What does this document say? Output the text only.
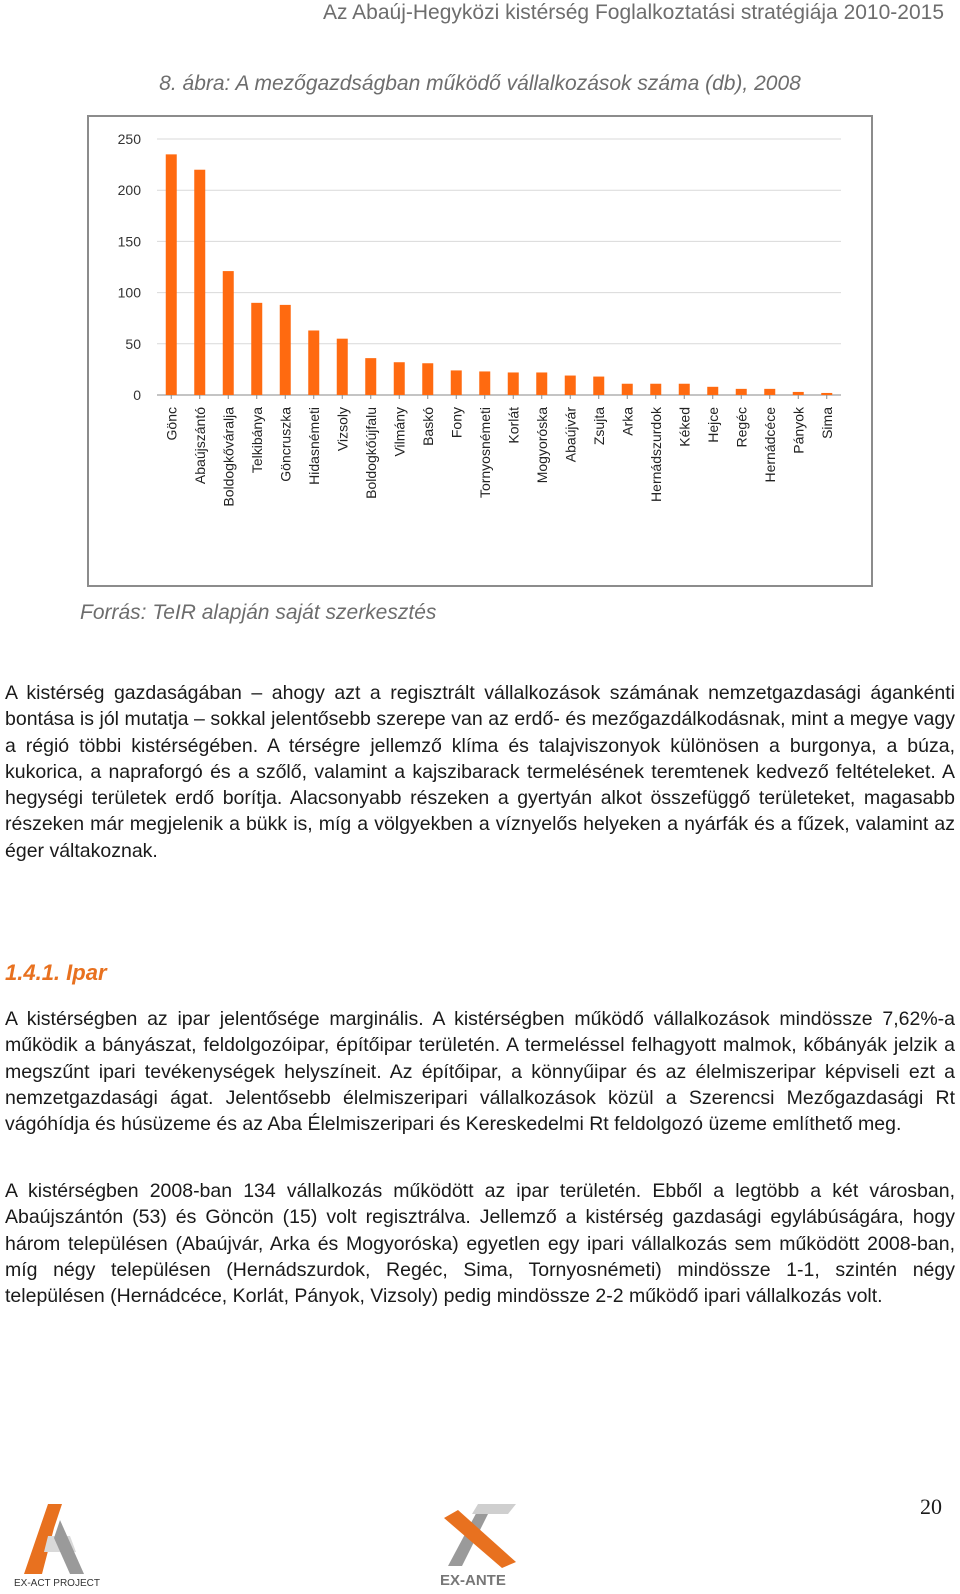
Az Abaúj-Hegyközi kistérség Foglalkoztatási stratégiája 2010-2015
8. ábra: A mezőgazdságban működő vállalkozások száma (db), 2008
0
50
100
150
200
250
Gönc Abaújszántó Boldogkőváralja Telkibánya Göncruszka Hidasnémeti Vizsoly Boldogkőújfalu Vilmány Baskó Fony Tornyosnémeti Korlát Mogyoróska Abaújvár Zsujta Arka Hernádszurdok Kéked Hejce Regéc Hernádcéce Pányok Sima
Forrás: TeIR alapján saját szerkesztés

A kistérség gazdaságában – ahogy azt a regisztrált vállalkozások számának nemzetgazdasági ágankénti bontása is jól mutatja – sokkal jelentősebb szerepe van az erdő- és mezőgazdálkodásnak, mint a megye vagy a régió többi kistérségében. A térségre jellemző klíma és talajviszonyok különösen a burgonya, a búza, kukorica, a napraforgó és a szőlő, valamint a kajszibarack termelésének teremtenek kedvező feltételeket. A hegységi területek erdő borítja. Alacsonyabb részeken a gyertyán alkot összefüggő területeket, magasabb részeken már megjelenik a bükk is, míg a völgyekben a víznyelős helyeken a nyárfák és a fűzek, valamint az éger váltakoznak.

1.4.1. Ipar

A kistérségben az ipar jelentősége marginális. A kistérségben működő vállalkozások mindössze 7,62%-a működik a bányászat, feldolgozóipar, építőipar területén. A termeléssel felhagyott malmok, kőbányák jelzik a megszűnt ipari tevékenységek helyszíneit. Az építőipar, a könnyűipar és az élelmiszeripar képviseli ezt a nemzetgazdasági ágat. Jelentősebb élelmiszeripari vállalkozások közül a Szerencsi Mezőgazdasági Rt vágóhídja és húsüzeme és az Aba Élelmiszeripari és Kereskedelmi Rt feldolgozó üzeme említhető meg.

A kistérségben 2008-ban 134 vállalkozás működött az ipar területén. Ebből a legtöbb a két városban, Abaújszántón (53) és Göncön (15) volt regisztrálva. Jellemző a kistérség gazdasági egylábúságára, hogy három településen (Abaújvár, Arka és Mogyoróska) egyetlen egy ipari vállalkozás sem működött 2008-ban, míg négy településen (Hernádszurdok, Regéc, Sima, Tornyosnémeti) mindössze 1-1, szintén négy településen (Hernádcéce, Korlát, Pányok, Vizsoly) pedig mindössze 2-2 működő ipari vállalkozás volt.

EX-ACT PROJECT	EX-ANTE
20
